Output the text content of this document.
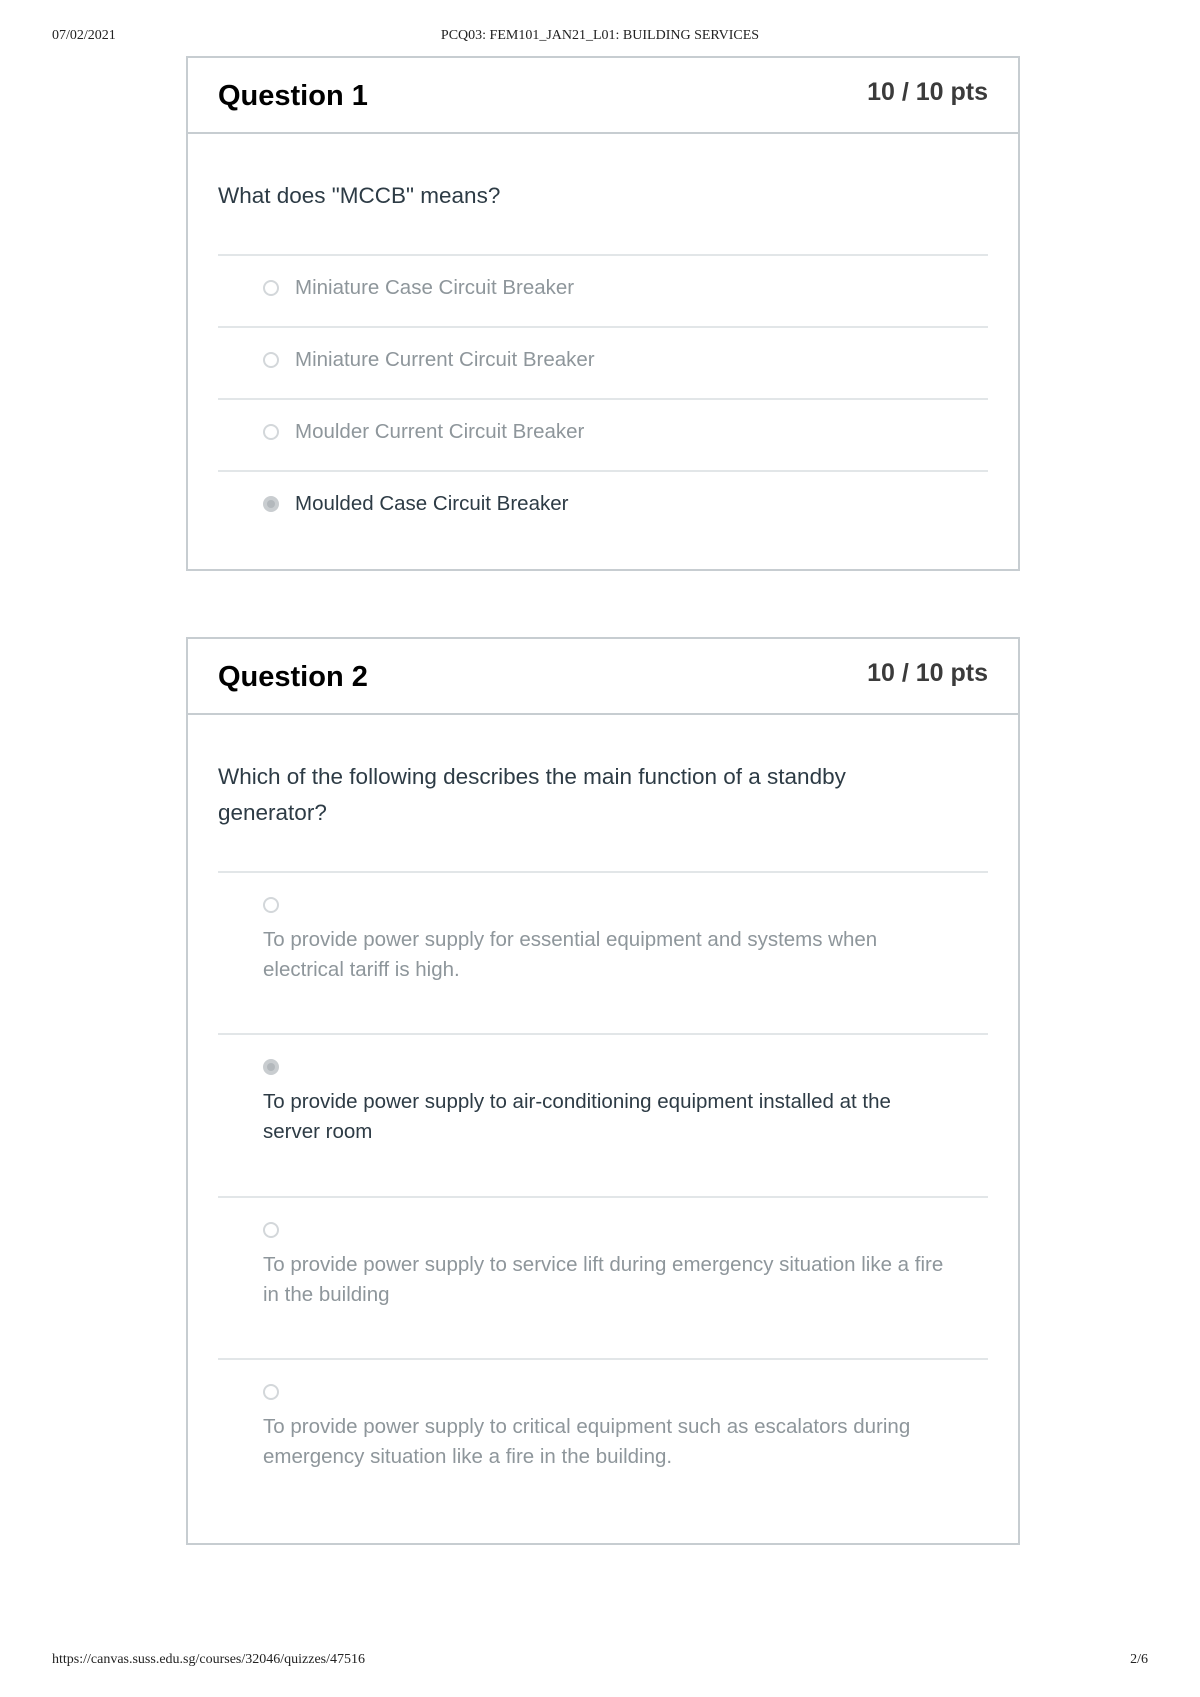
07/02/2021	PCQ03: FEM101_JAN21_L01: BUILDING SERVICES
Question 1	10 / 10 pts

What does "MCCB" means?

Miniature Case Circuit Breaker
Miniature Current Circuit Breaker
Moulder Current Circuit Breaker
Moulded Case Circuit Breaker
Question 2	10 / 10 pts

Which of the following describes the main function of a standby generator?

To provide power supply for essential equipment and systems when electrical tariff is high.
To provide power supply to air-conditioning equipment installed at the server room
To provide power supply to service lift during emergency situation like a fire in the building
To provide power supply to critical equipment such as escalators during emergency situation like a fire in the building.
https://canvas.suss.edu.sg/courses/32046/quizzes/47516	2/6
